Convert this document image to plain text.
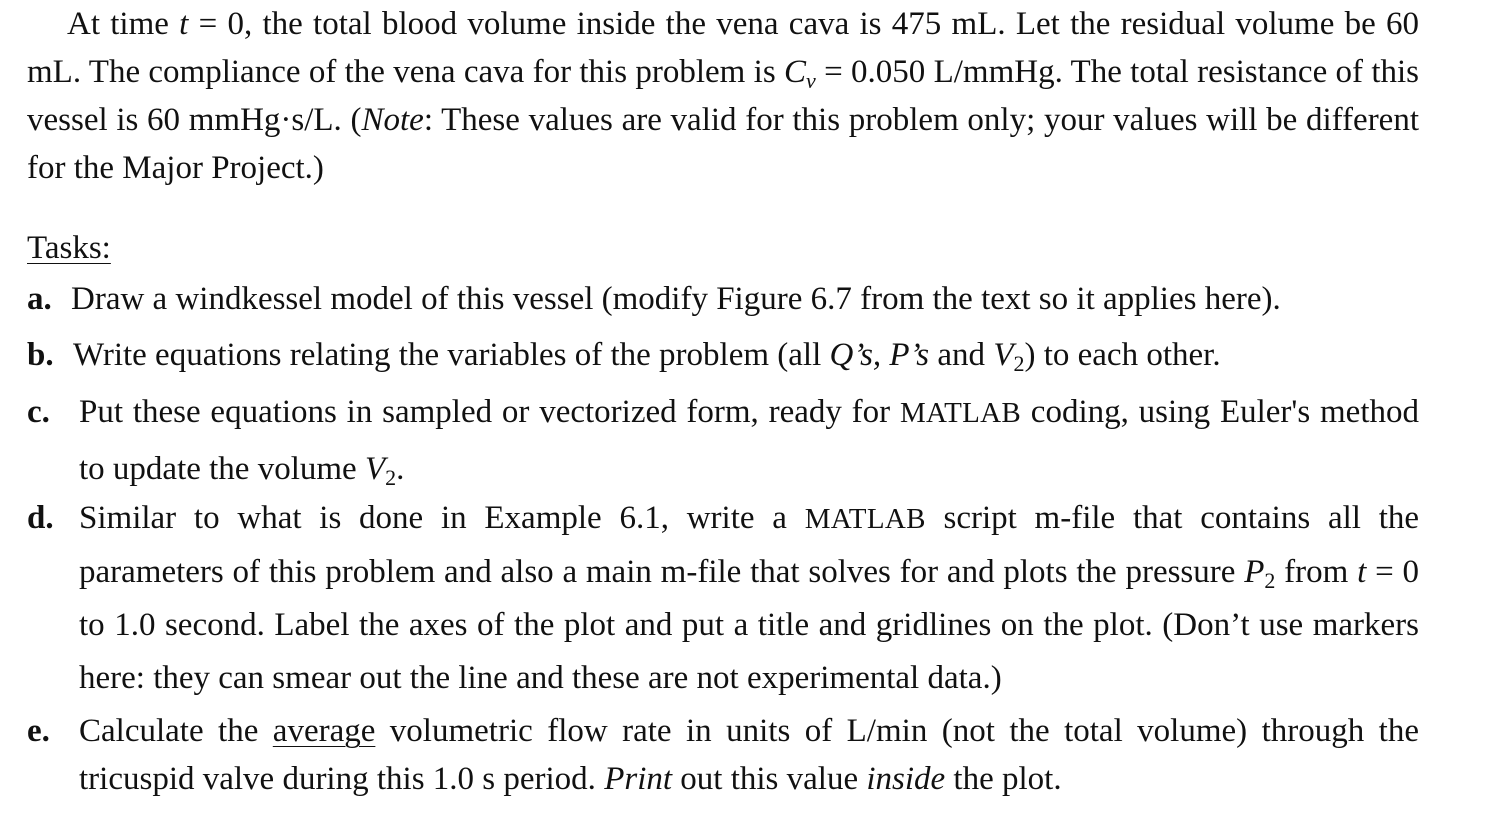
At time t = 0, the total blood volume inside the vena cava is 475 mL. Let the residual volume be 60 mL. The compliance of the vena cava for this problem is $C_v = 0.050$ L/mmHg. The total resistance of this vessel is 60 mmHg·s/L. (Note: These values are valid for this problem only; your values will be different for the Major Project.)

Tasks:
a. Draw a windkessel model of this vessel (modify Figure 6.7 from the text so it applies here).
b. Write equations relating the variables of the problem (all Q’s, P’s and $V_2$) to each other.
c. Put these equations in sampled or vectorized form, ready for MATLAB coding, using Euler's method to update the volume $V_2$.
d. Similar to what is done in Example 6.1, write a MATLAB script m-file that contains all the parameters of this problem and also a main m-file that solves for and plots the pressure $P_2$ from t = 0 to 1.0 second. Label the axes of the plot and put a title and gridlines on the plot. (Don’t use markers here: they can smear out the line and these are not experimental data.)
e. Calculate the average volumetric flow rate in units of L/min (not the total volume) through the tricuspid valve during this 1.0 s period. Print out this value inside the plot.
